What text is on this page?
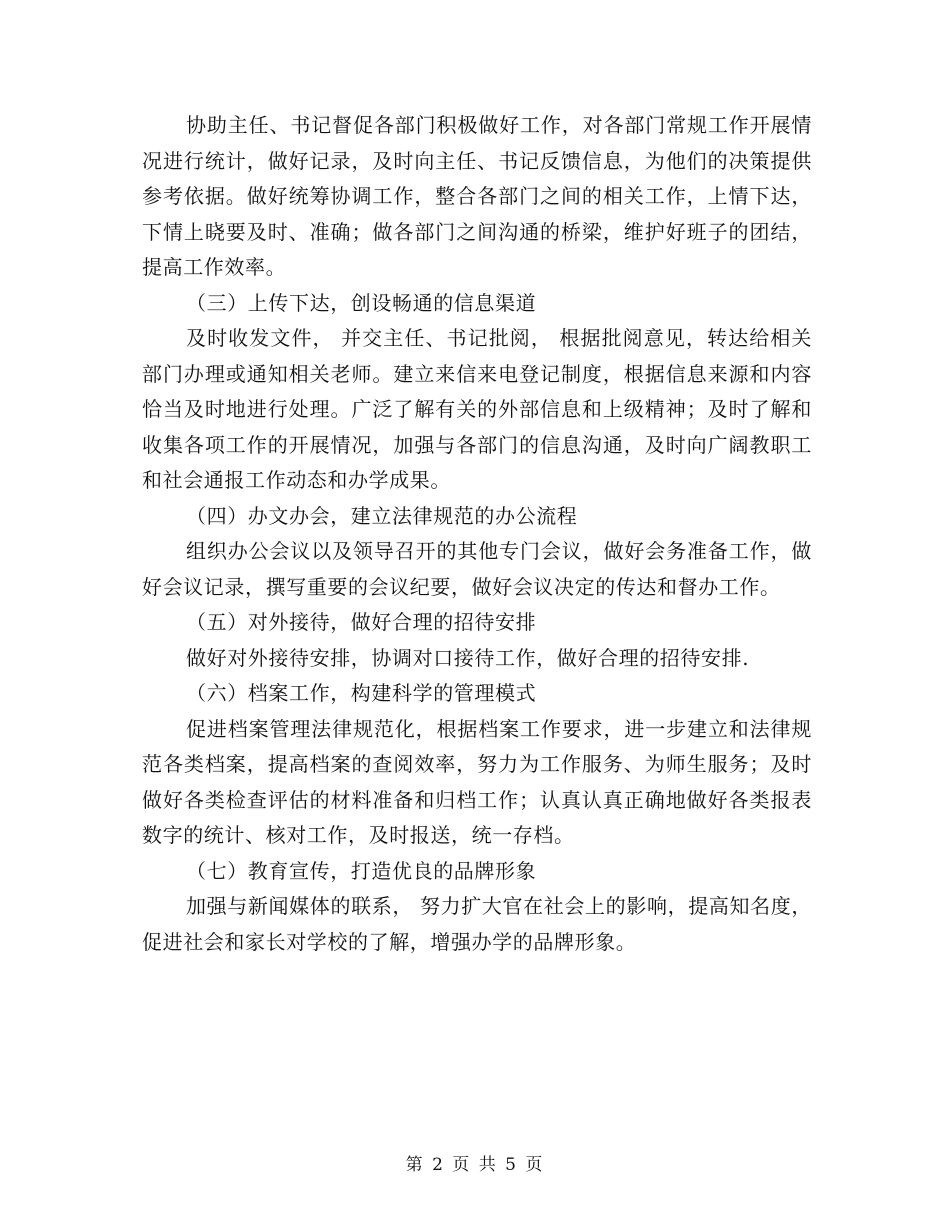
协助主任、书记督促各部门积极做好工作，对各部门常规工作开展情况进行统计，做好记录，及时向主任、书记反馈信息，为他们的决策提供参考依据。做好统筹协调工作，整合各部门之间的相关工作，上情下达，下情上晓要及时、准确；做各部门之间沟通的桥梁，维护好班子的团结，提高工作效率。

（三）上传下达，创设畅通的信息渠道

及时收发文件， 并交主任、书记批阅， 根据批阅意见，转达给相关部门办理或通知相关老师。建立来信来电登记制度，根据信息来源和内容恰当及时地进行处理。广泛了解有关的外部信息和上级精神；及时了解和收集各项工作的开展情况，加强与各部门的信息沟通，及时向广阔教职工和社会通报工作动态和办学成果。

（四）办文办会，建立法律规范的办公流程

组织办公会议以及领导召开的其他专门会议，做好会务准备工作，做好会议记录，撰写重要的会议纪要，做好会议决定的传达和督办工作。

（五）对外接待，做好合理的招待安排

做好对外接待安排，协调对口接待工作，做好合理的招待安排.

（六）档案工作，构建科学的管理模式

促进档案管理法律规范化，根据档案工作要求，进一步建立和法律规范各类档案，提高档案的查阅效率，努力为工作服务、为师生服务；及时做好各类检查评估的材料准备和归档工作；认真认真正确地做好各类报表数字的统计、核对工作，及时报送，统一存档。

（七）教育宣传，打造优良的品牌形象

加强与新闻媒体的联系， 努力扩大官在社会上的影响，提高知名度，促进社会和家长对学校的了解，增强办学的品牌形象。

第 2 页 共 5 页
